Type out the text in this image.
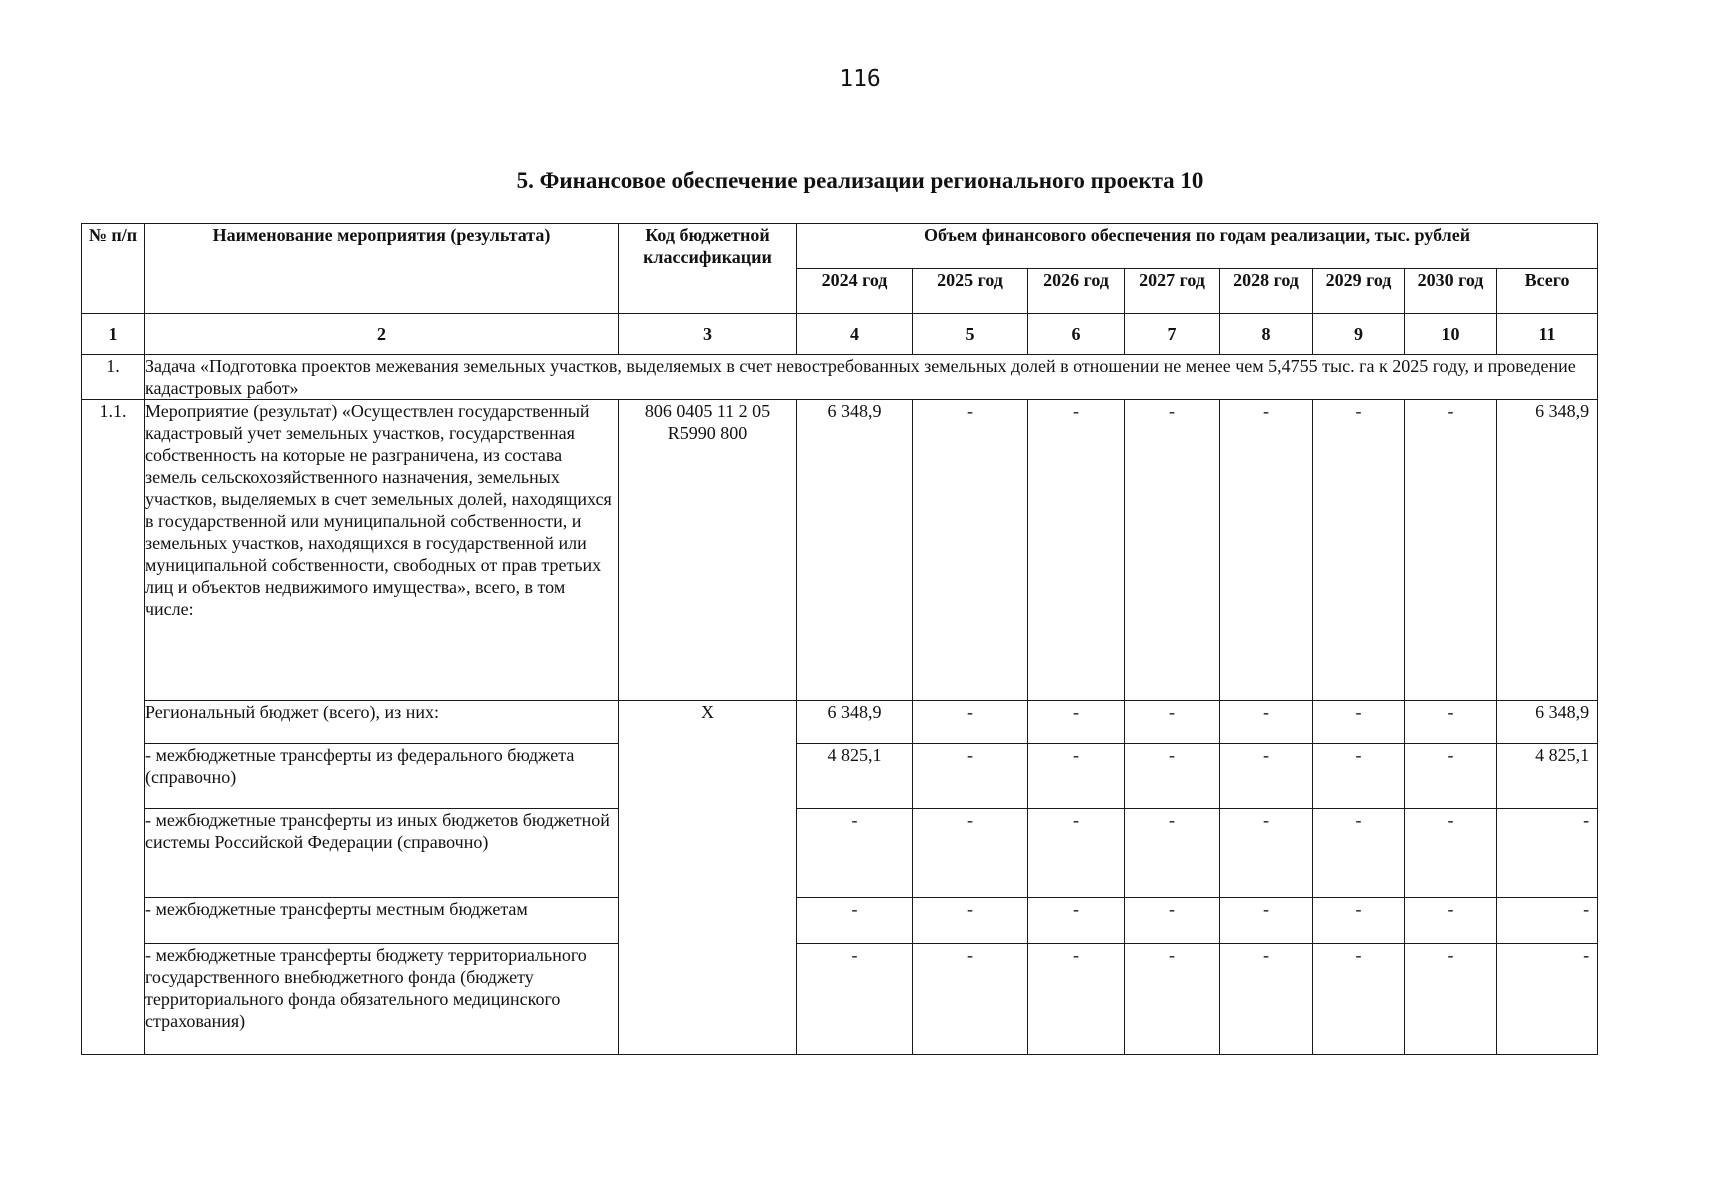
116
5. Финансовое обеспечение реализации регионального проекта 10
№ п/п	Наименование мероприятия (результата)	Код бюджетной классификации	Объем финансового обеспечения по годам реализации, тыс. рублей							
			2024 год	2025 год	2026 год	2027 год	2028 год	2029 год	2030 год	Всего
1	2	3	4	5	6	7	8	9	10	11
1.	Задача «Подготовка проектов межевания земельных участков, выделяемых в счет невостребованных земельных долей в отношении не менее чем 5,4755 тыс. га к 2025 году, и проведение кадастровых работ»									
1.1.	Мероприятие (результат) «Осуществлен государственный кадастровый учет земельных участков, государственная собственность на которые не разграничена, из состава земель сельскохозяйственного назначения, земельных участков, выделяемых в счет земельных долей, находящихся в государственной или муниципальной собственности, и земельных участков, находящихся в государственной или муниципальной собственности, свободных от прав третьих лиц и объектов недвижимого имущества», всего, в том числе:	806 0405 11 2 05 R5990 800	6 348,9	-	-	-	-	-	-	6 348,9
	Региональный бюджет (всего), из них:	X	6 348,9	-	-	-	-	-	-	6 348,9
	- межбюджетные трансферты из федерального бюджета (справочно)		4 825,1	-	-	-	-	-	-	4 825,1
	- межбюджетные трансферты из иных бюджетов бюджетной системы Российской Федерации (справочно)		-	-	-	-	-	-	-	-
	- межбюджетные трансферты местным бюджетам		-	-	-	-	-	-	-	-
	- межбюджетные трансферты бюджету территориального государственного внебюджетного фонда (бюджету территориального фонда обязательного медицинского страхования)		-	-	-	-	-	-	-	-
